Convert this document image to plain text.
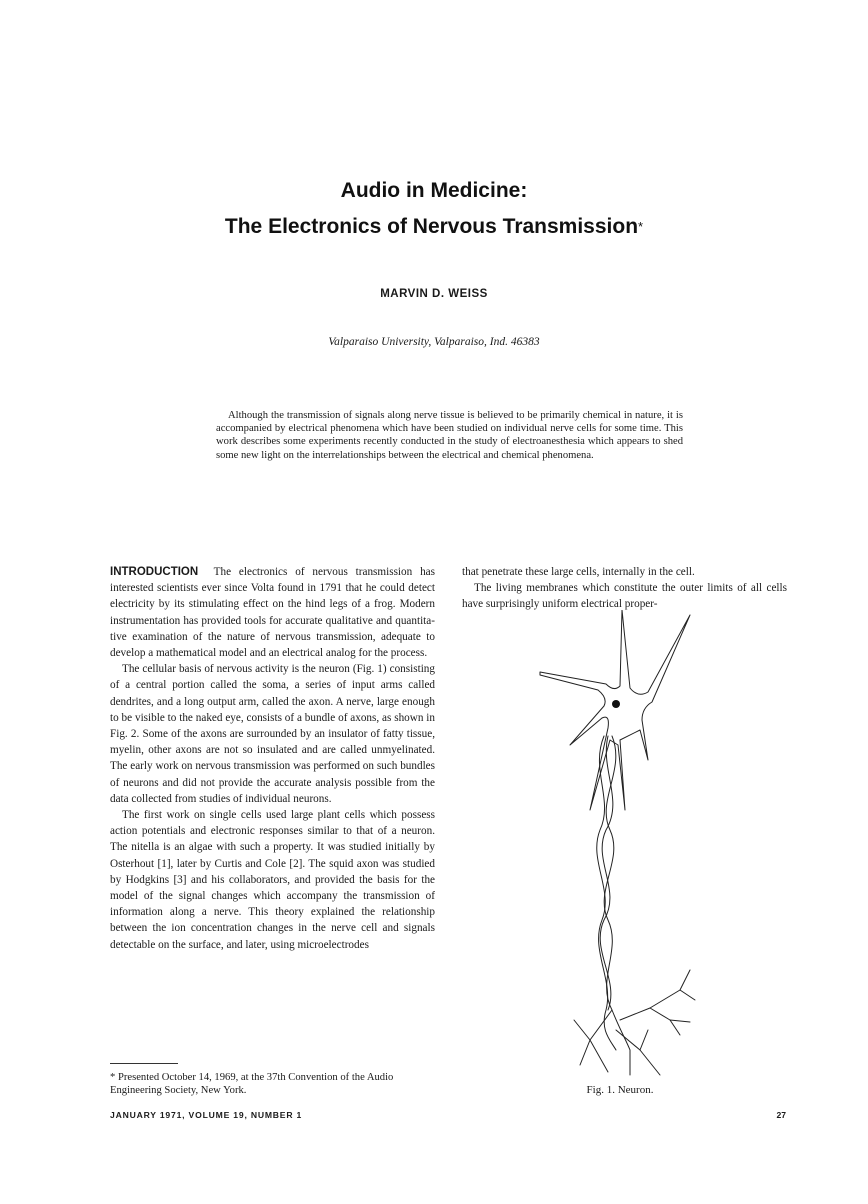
Audio in Medicine:
The Electronics of Nervous Transmission*
MARVIN D. WEISS
Valparaiso University, Valparaiso, Ind. 46383
Although the transmission of signals along nerve tissue is believed to be primarily chemical in nature, it is accompanied by electrical phenomena which have been studied on individual nerve cells for some time. This work describes some experiments recently conducted in the study of electroanesthesia which appears to shed some new light on the interrelationships between the electrical and chemical phenomena.

INTRODUCTION The electronics of nervous transmission has interested scientists ever since Volta found in 1791 that he could detect electricity by its stimulating effect on the hind legs of a frog. Modern instrumentation has provided tools for accurate qualitative and quantitative examination of the nature of nervous transmission, adequate to develop a mathematical model and an electrical analog for the process.

The cellular basis of nervous activity is the neuron (Fig. 1) consisting of a central portion called the soma, a series of input arms called dendrites, and a long output arm, called the axon. A nerve, large enough to be visible to the naked eye, consists of a bundle of axons, as shown in Fig. 2. Some of the axons are surrounded by an insulator of fatty tissue, myelin, other axons are not so insulated and are called unmyelinated. The early work on nervous transmission was performed on such bundles of neurons and did not provide the accurate analysis possible from the data collected from studies of individual neurons.

The first work on single cells used large plant cells which possess action potentials and electronic responses similar to that of a neuron. The nitella is an algae with such a property. It was studied initially by Osterhout [1], later by Curtis and Cole [2]. The squid axon was studied by Hodgkins [3] and his collaborators, and provided the basis for the model of the signal changes which accompany the transmission of information along a nerve. This theory explained the relationship between the ion concentration changes in the nerve cell and signals detectable on the surface, and later, using microelectrodes

that penetrate these large cells, internally in the cell.

The living membranes which constitute the outer limits of all cells have surprisingly uniform electrical proper-

Fig. 1. Neuron.
* Presented October 14, 1969, at the 37th Convention of the Audio Engineering Society, New York.
JANUARY 1971, VOLUME 19, NUMBER 1	27
